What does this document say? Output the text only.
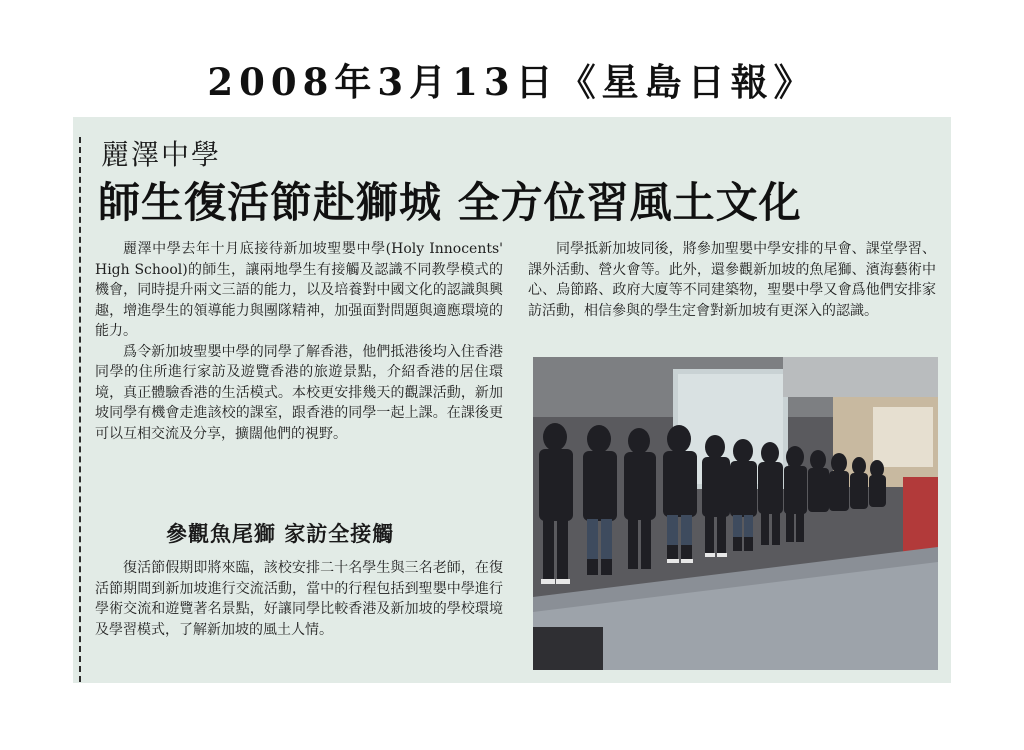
2008年3月13日《星島日報》
麗澤中學
師生復活節赴獅城 全方位習風土文化

麗澤中學去年十月底接待新加坡聖嬰中學(Holy Innocents' High School)的師生，讓兩地學生有接觸及認識不同教學模式的機會，同時提升兩文三語的能力，以及培養對中國文化的認識與興趣，增進學生的領導能力與團隊精神，加强面對問題與適應環境的能力。

爲令新加坡聖嬰中學的同學了解香港，他們抵港後均入住香港同學的住所進行家訪及遊覽香港的旅遊景點，介紹香港的居住環境，真正體驗香港的生活模式。本校更安排幾天的觀課活動，新加坡同學有機會走進該校的課室，跟香港的同學一起上課。在課後更可以互相交流及分享，擴闊他們的視野。

參觀魚尾獅 家訪全接觸

復活節假期即將來臨，該校安排二十名學生與三名老師，在復活節期間到新加坡進行交流活動，當中的行程包括到聖嬰中學進行學術交流和遊覽著名景點，好讓同學比較香港及新加坡的學校環境及學習模式，了解新加坡的風土人情。

同學抵新加坡同後，將參加聖嬰中學安排的早會、課堂學習、課外活動、營火會等。此外，還參觀新加坡的魚尾獅、濱海藝術中心、烏節路、政府大廈等不同建築物，聖嬰中學又會爲他們安排家訪活動，相信參與的學生定會對新加坡有更深入的認識。
